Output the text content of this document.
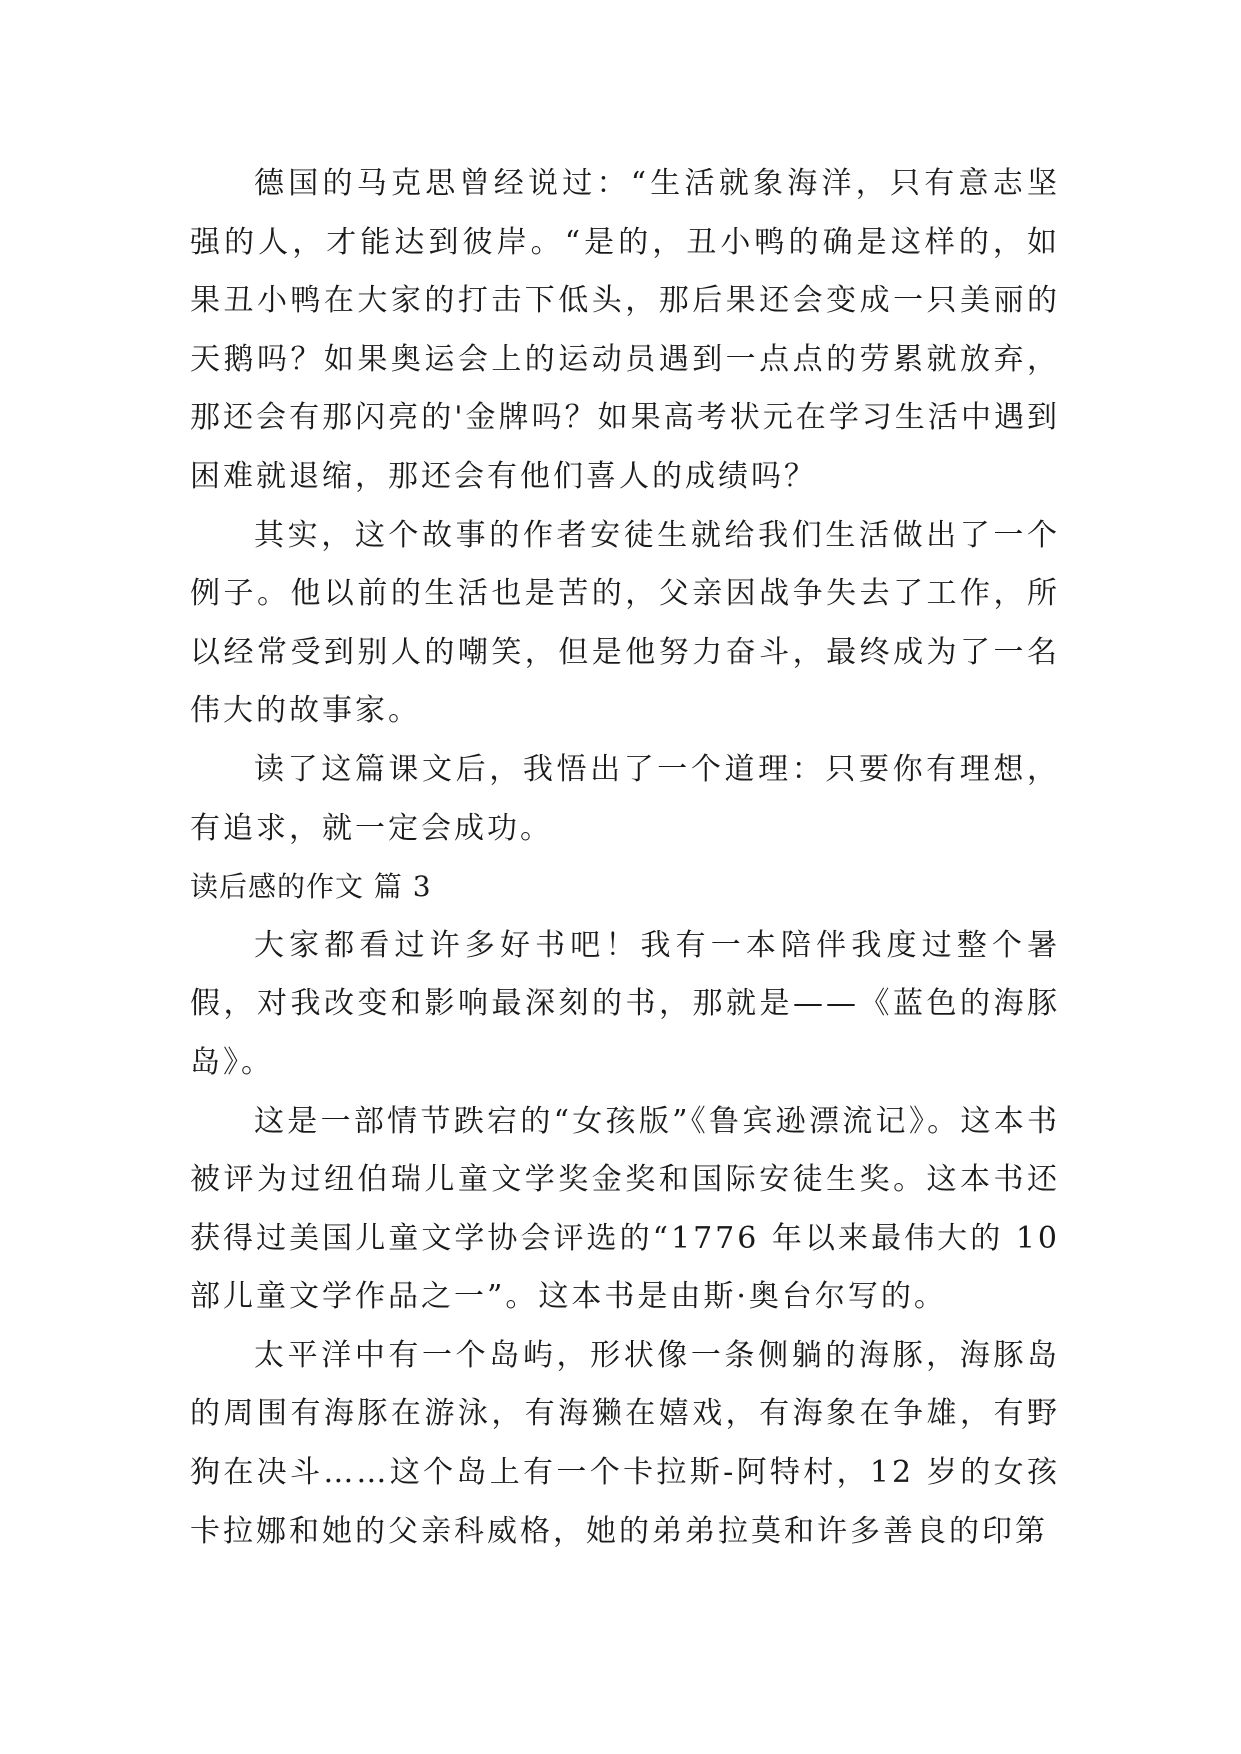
德国的马克思曾经说过：“生活就象海洋，只有意志坚强的人，才能达到彼岸。“是的，丑小鸭的确是这样的，如果丑小鸭在大家的打击下低头，那后果还会变成一只美丽的天鹅吗？如果奥运会上的运动员遇到一点点的劳累就放弃，那还会有那闪亮的'金牌吗？如果高考状元在学习生活中遇到困难就退缩，那还会有他们喜人的成绩吗？

其实，这个故事的作者安徒生就给我们生活做出了一个例子。他以前的生活也是苦的，父亲因战争失去了工作，所以经常受到别人的嘲笑，但是他努力奋斗，最终成为了一名伟大的故事家。

读了这篇课文后，我悟出了一个道理：只要你有理想，有追求，就一定会成功。

读后感的作文 篇 3

大家都看过许多好书吧！我有一本陪伴我度过整个暑假，对我改变和影响最深刻的书，那就是——《蓝色的海豚岛》。

这是一部情节跌宕的“女孩版”《鲁宾逊漂流记》。这本书被评为过纽伯瑞儿童文学奖金奖和国际安徒生奖。这本书还获得过美国儿童文学协会评选的“1776 年以来最伟大的 10 部儿童文学作品之一”。这本书是由斯·奥台尔写的。

太平洋中有一个岛屿，形状像一条侧躺的海豚，海豚岛的周围有海豚在游泳，有海獭在嬉戏，有海象在争雄，有野狗在决斗……这个岛上有一个卡拉斯-阿特村，12 岁的女孩卡拉娜和她的父亲科威格，她的弟弟拉莫和许多善良的印第
